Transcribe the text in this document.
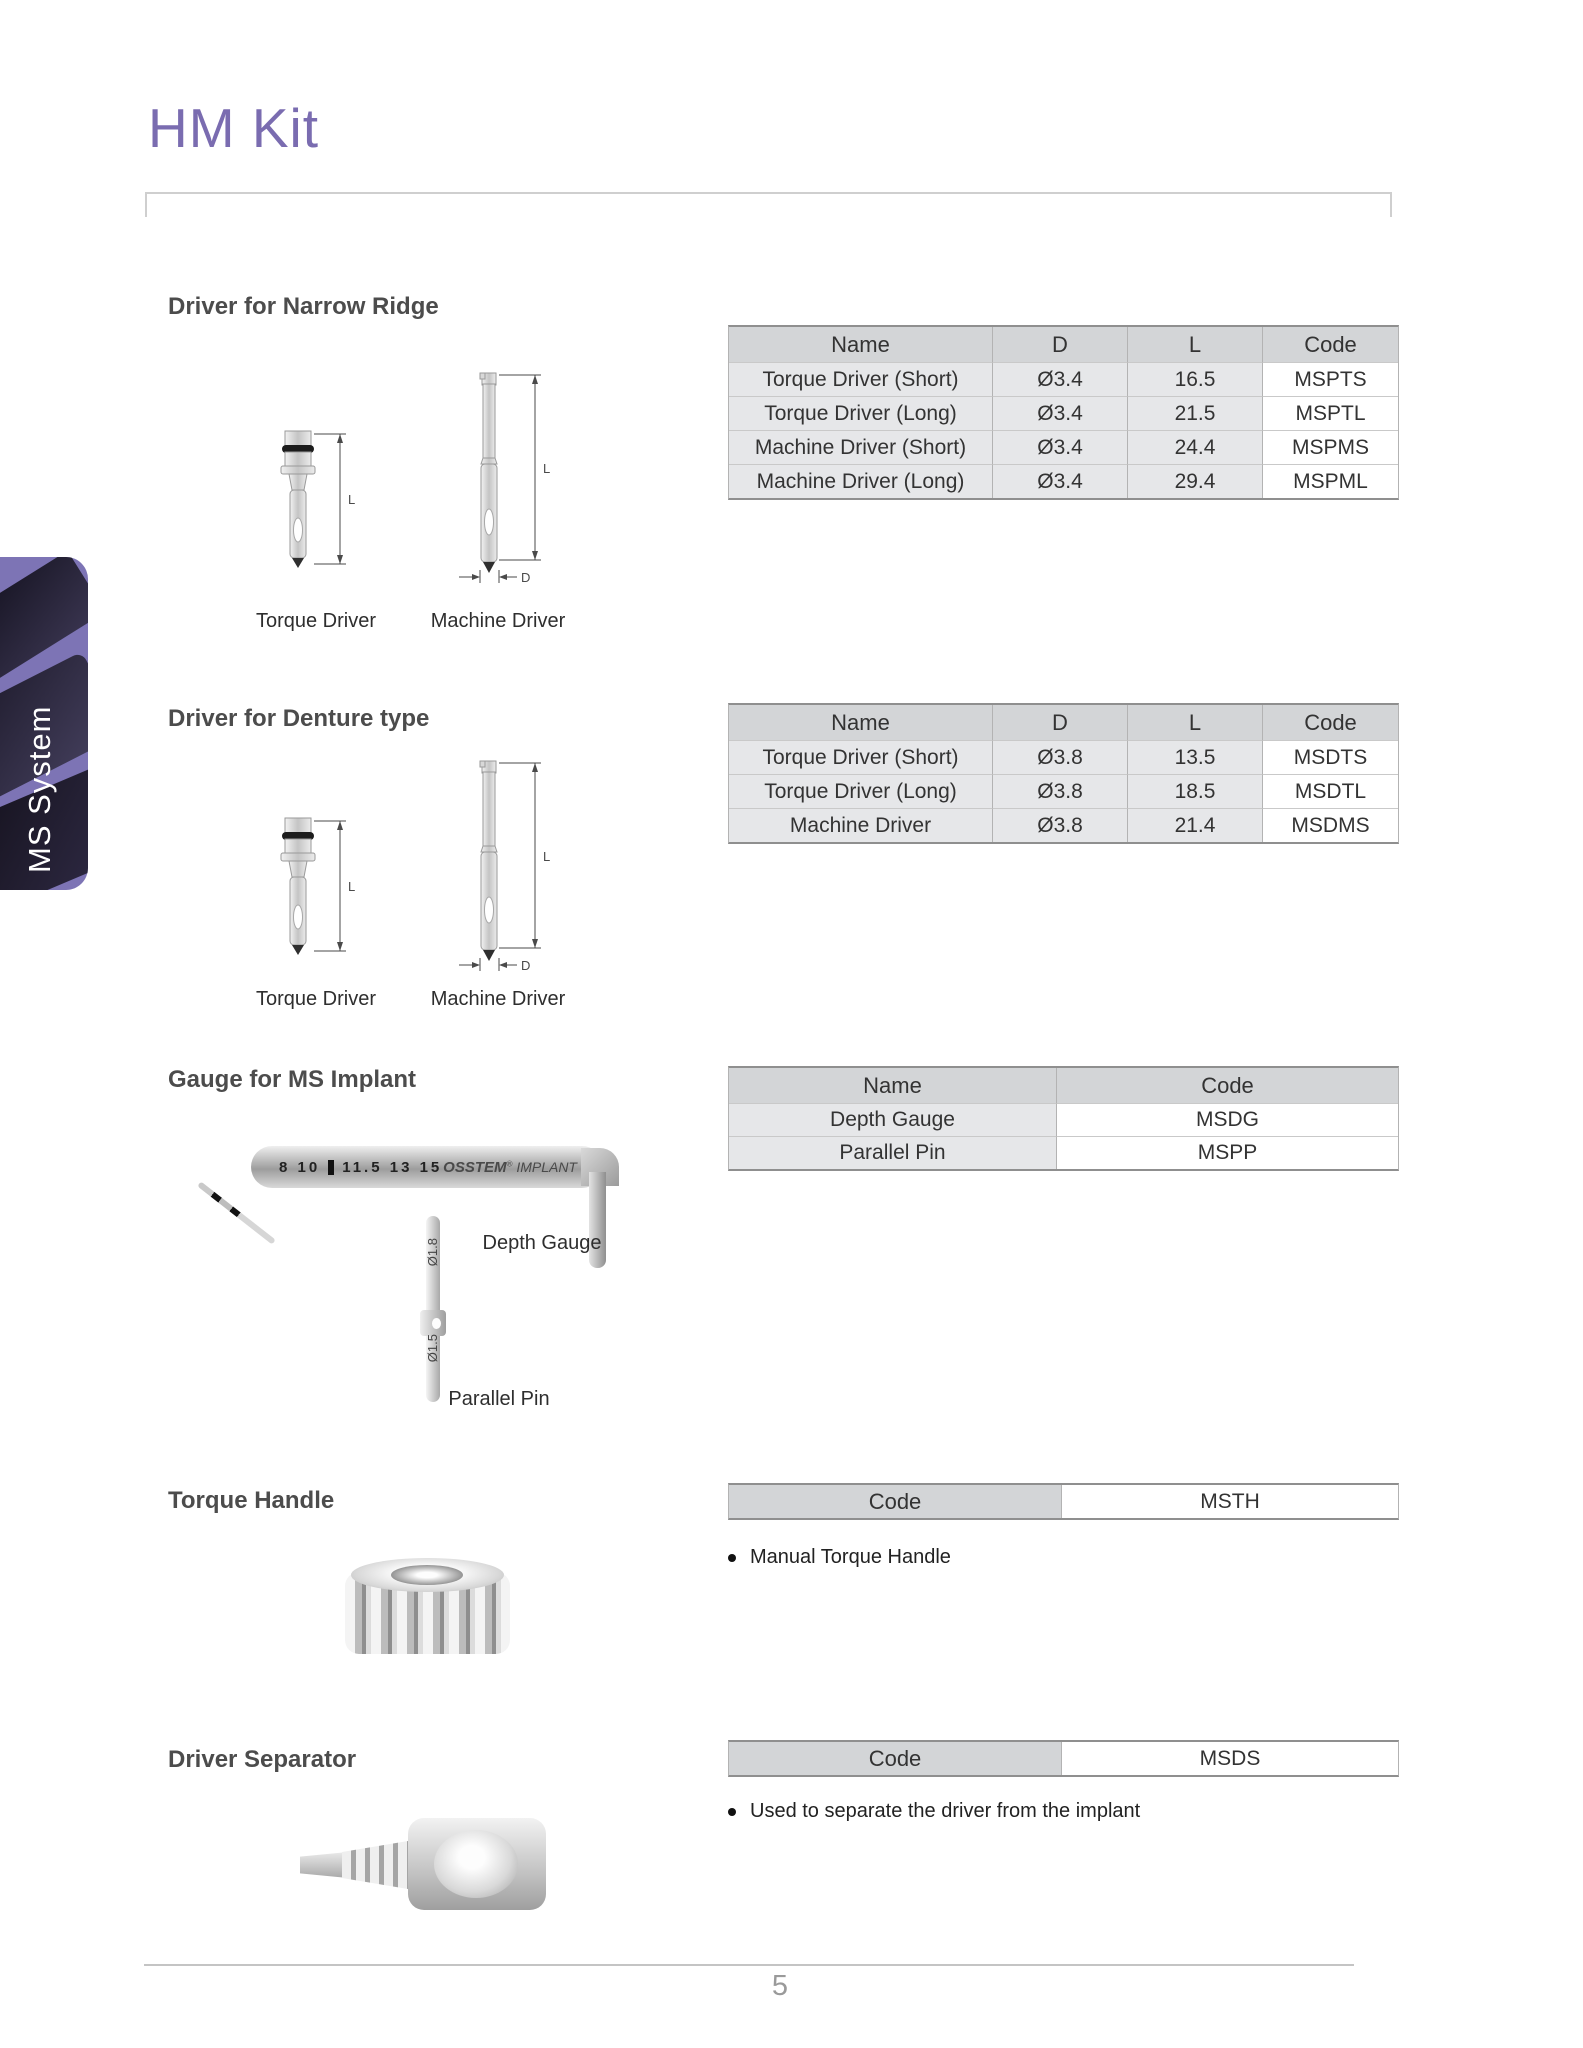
HM Kit
MS System
Driver for Narrow Ridge
L
L
D
Torque Driver	Machine Driver
Name	D	L	Code
Torque Driver (Short)	Ø3.4	16.5	MSPTS
Torque Driver (Long)	Ø3.4	21.5	MSPTL
Machine Driver (Short)	Ø3.4	24.4	MSPMS
Machine Driver (Long)	Ø3.4	29.4	MSPML
Driver for Denture type
L
L
D
Torque Driver	Machine Driver
Name	D	L	Code
Torque Driver (Short)	Ø3.8	13.5	MSDTS
Torque Driver (Long)	Ø3.8	18.5	MSDTL
Machine Driver	Ø3.8	21.4	MSDMS
Gauge for MS Implant
8 10 11.5 13 15 OSSTEM® IMPLANT
Depth Gauge
Ø1.8
Ø1.5
Parallel Pin
Name	Code
Depth Gauge	MSDG
Parallel Pin	MSPP
Torque Handle	Code	MSTH
Manual Torque Handle
Driver Separator	Code	MSDS
Used to separate the driver from the implant
5
